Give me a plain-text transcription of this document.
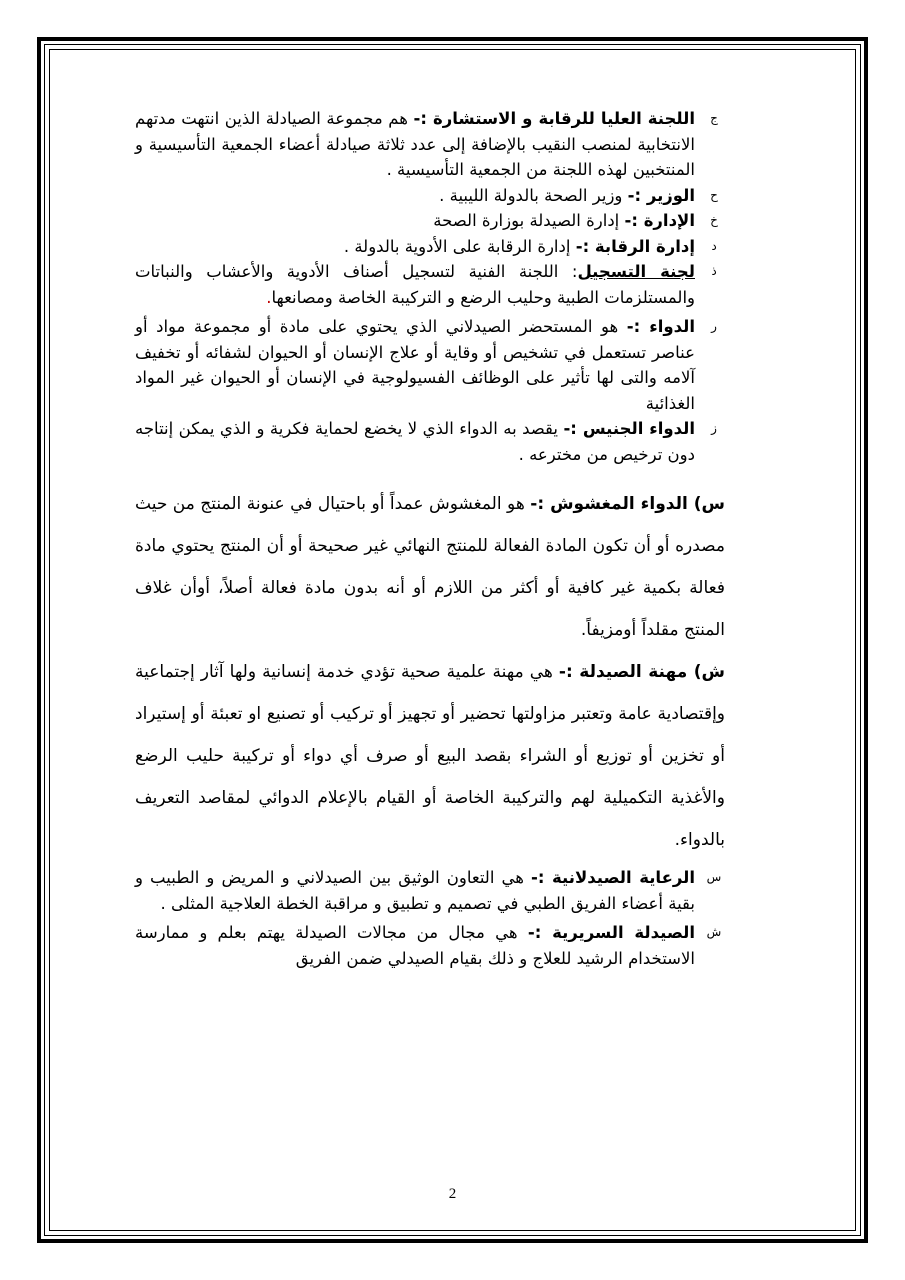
ج
اللجنة العليا للرقابة و الاستشارة :- هم مجموعة الصيادلة الذين انتهت مدتهم الانتخابية لمنصب النقيب بالإضافة إلى عدد ثلاثة صيادلة أعضاء الجمعية التأسيسية و المنتخبين لهذه اللجنة من الجمعية التأسيسية .
ح
الوزير :- وزير الصحة بالدولة الليبية .
خ
الإدارة :- إدارة الصيدلة بوزارة الصحة
د
إدارة الرقابة :- إدارة الرقابة على الأدوية بالدولة .
ذ
لجنة التسجيل: اللجنة الفنية لتسجيل أصناف الأدوية والأعشاب والنباتات والمستلزمات الطبية وحليب الرضع و التركيبة الخاصة ومصانعها.
ر
الدواء :- هو المستحضر الصيدلاني الذي يحتوي على مادة أو مجموعة مواد أو عناصر تستعمل في تشخيص أو وقاية أو علاج الإنسان أو الحيوان لشفائه أو تخفيف آلامه والتى لها تأثير على الوظائف الفسيولوجية في الإنسان أو الحيوان غير المواد الغذائية
ز
الدواء الجنيس :- يقصد به الدواء الذي لا يخضع لحماية فكرية و الذي يمكن إنتاجه دون ترخيص من مخترعه .

س) الدواء المغشوش :- هو المغشوش عمداً أو باحتيال في عنونة المنتج من حيث مصدره أو أن تكون المادة الفعالة للمنتج النهائي غير صحيحة أو أن المنتج يحتوي مادة فعالة بكمية غير كافية أو أكثر من اللازم أو أنه بدون مادة فعالة أصلاً، أوأن غلاف المنتج مقلداً أومزيفاً.

ش) مهنة الصيدلة :- هي مهنة علمية صحية تؤدي خدمة إنسانية ولها آثار إجتماعية وإقتصادية عامة وتعتبر مزاولتها تحضير أو تجهيز أو تركيب أو تصنيع او تعبئة أو إستيراد أو تخزين أو توزيع أو الشراء بقصد البيع أو صرف أي دواء أو تركيبة حليب الرضع والأغذية التكميلية لهم والتركيبة الخاصة أو القيام بالإعلام الدوائي لمقاصد التعريف بالدواء.

س
الرعاية الصيدلانية :- هي التعاون الوثيق بين الصيدلاني و المريض و الطبيب و بقية أعضاء الفريق الطبي في تصميم و تطبيق و مراقبة الخطة العلاجية المثلى .
ش
الصيدلة السريرية :- هي مجال من مجالات الصيدلة يهتم بعلم و ممارسة الاستخدام الرشيد للعلاج و ذلك بقيام الصيدلي ضمن الفريق
2
